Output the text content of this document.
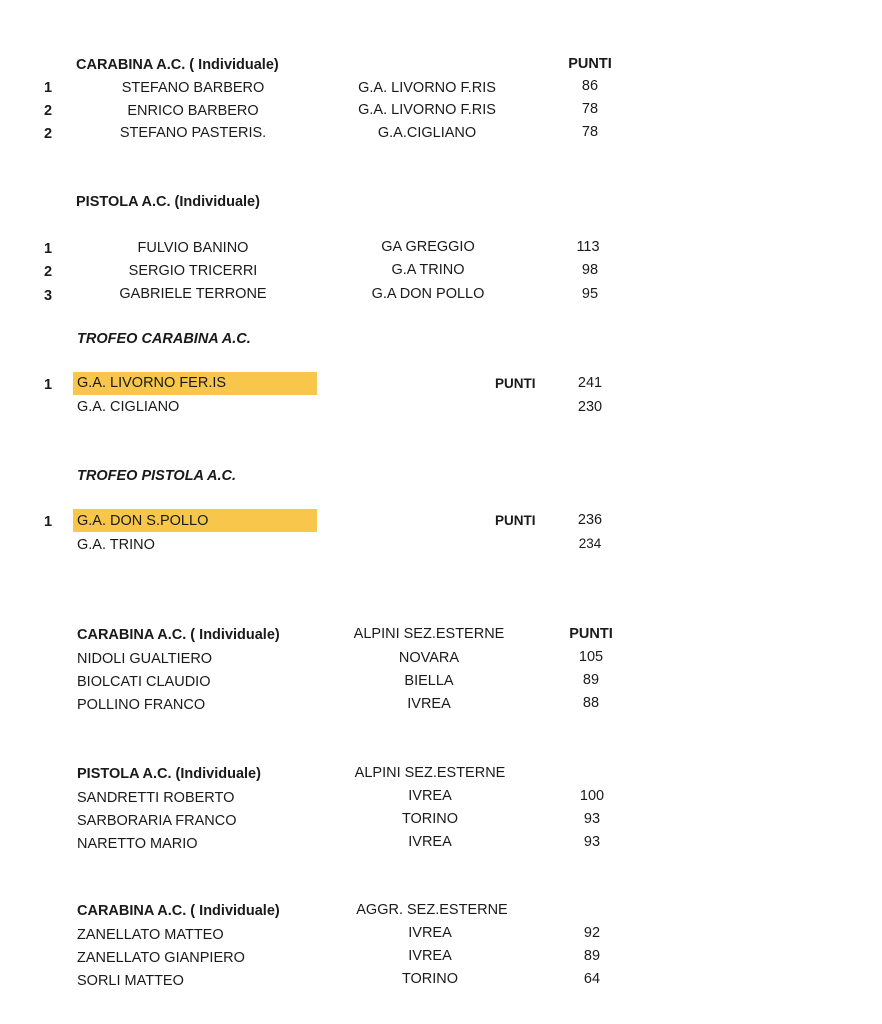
CARABINA A.C. ( Individuale)	PUNTI
1	STEFANO BARBERO	G.A. LIVORNO F.RIS	86
2	ENRICO BARBERO	G.A. LIVORNO F.RIS	78
2	STEFANO PASTERIS.	G.A.CIGLIANO	78
PISTOLA A.C. (Individuale)
1	FULVIO BANINO	GA GREGGIO	113
2	SERGIO TRICERRI	G.A TRINO	98
3	GABRIELE TERRONE	G.A DON POLLO	95
TROFEO CARABINA A.C.
1 G.A. LIVORNO FER.IS	PUNTI	241
G.A. CIGLIANO	230
TROFEO PISTOLA A.C.
1 G.A. DON S.POLLO	PUNTI	236
G.A. TRINO	234
CARABINA A.C. ( Individuale)	ALPINI SEZ.ESTERNE	PUNTI
NIDOLI GUALTIERO	NOVARA	105
BIOLCATI CLAUDIO	BIELLA	89
POLLINO FRANCO	IVREA	88
PISTOLA A.C. (Individuale)	ALPINI SEZ.ESTERNE
SANDRETTI ROBERTO	IVREA	100
SARBORARIA FRANCO	TORINO	93
NARETTO MARIO	IVREA	93
CARABINA A.C. ( Individuale)	AGGR. SEZ.ESTERNE
ZANELLATO MATTEO	IVREA	92
ZANELLATO GIANPIERO	IVREA	89
SORLI MATTEO	TORINO	64
